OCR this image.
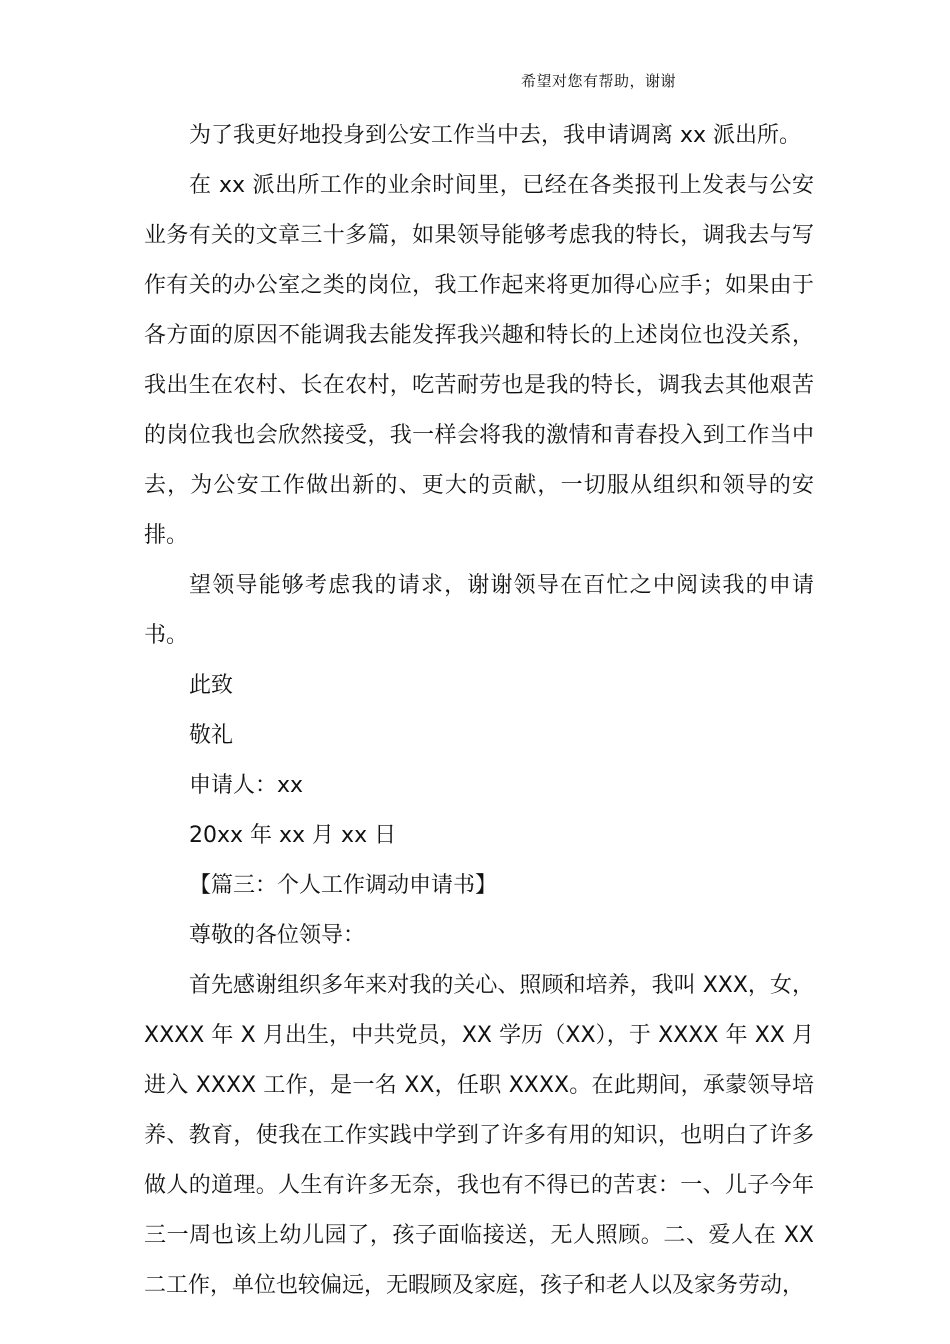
希望对您有帮助，谢谢

为了我更好地投身到公安工作当中去，我申请调离 xx 派出所。

在 xx 派出所工作的业余时间里，已经在各类报刊上发表与公安业务有关的文章三十多篇，如果领导能够考虑我的特长，调我去与写作有关的办公室之类的岗位，我工作起来将更加得心应手；如果由于各方面的原因不能调我去能发挥我兴趣和特长的上述岗位也没关系，我出生在农村、长在农村，吃苦耐劳也是我的特长，调我去其他艰苦的岗位我也会欣然接受，我一样会将我的激情和青春投入到工作当中去，为公安工作做出新的、更大的贡献，一切服从组织和领导的安排。

望领导能够考虑我的请求，谢谢领导在百忙之中阅读我的申请书。

此致

敬礼

申请人：xx

20xx 年 xx 月 xx 日

【篇三：个人工作调动申请书】

尊敬的各位领导：

首先感谢组织多年来对我的关心、照顾和培养，我叫 XXX，女，XXXX 年 X 月出生，中共党员，XX 学历（XX），于 XXXX 年 XX 月进入 XXXX 工作，是一名 XX，任职 XXXX。在此期间，承蒙领导培养、教育，使我在工作实践中学到了许多有用的知识，也明白了许多做人的道理。人生有许多无奈，我也有不得已的苦衷：一、儿子今年三一周也该上幼儿园了，孩子面临接送，无人照顾。二、爱人在 XX 二工作，单位也较偏远，无暇顾及家庭，孩子和老人以及家务劳动，
